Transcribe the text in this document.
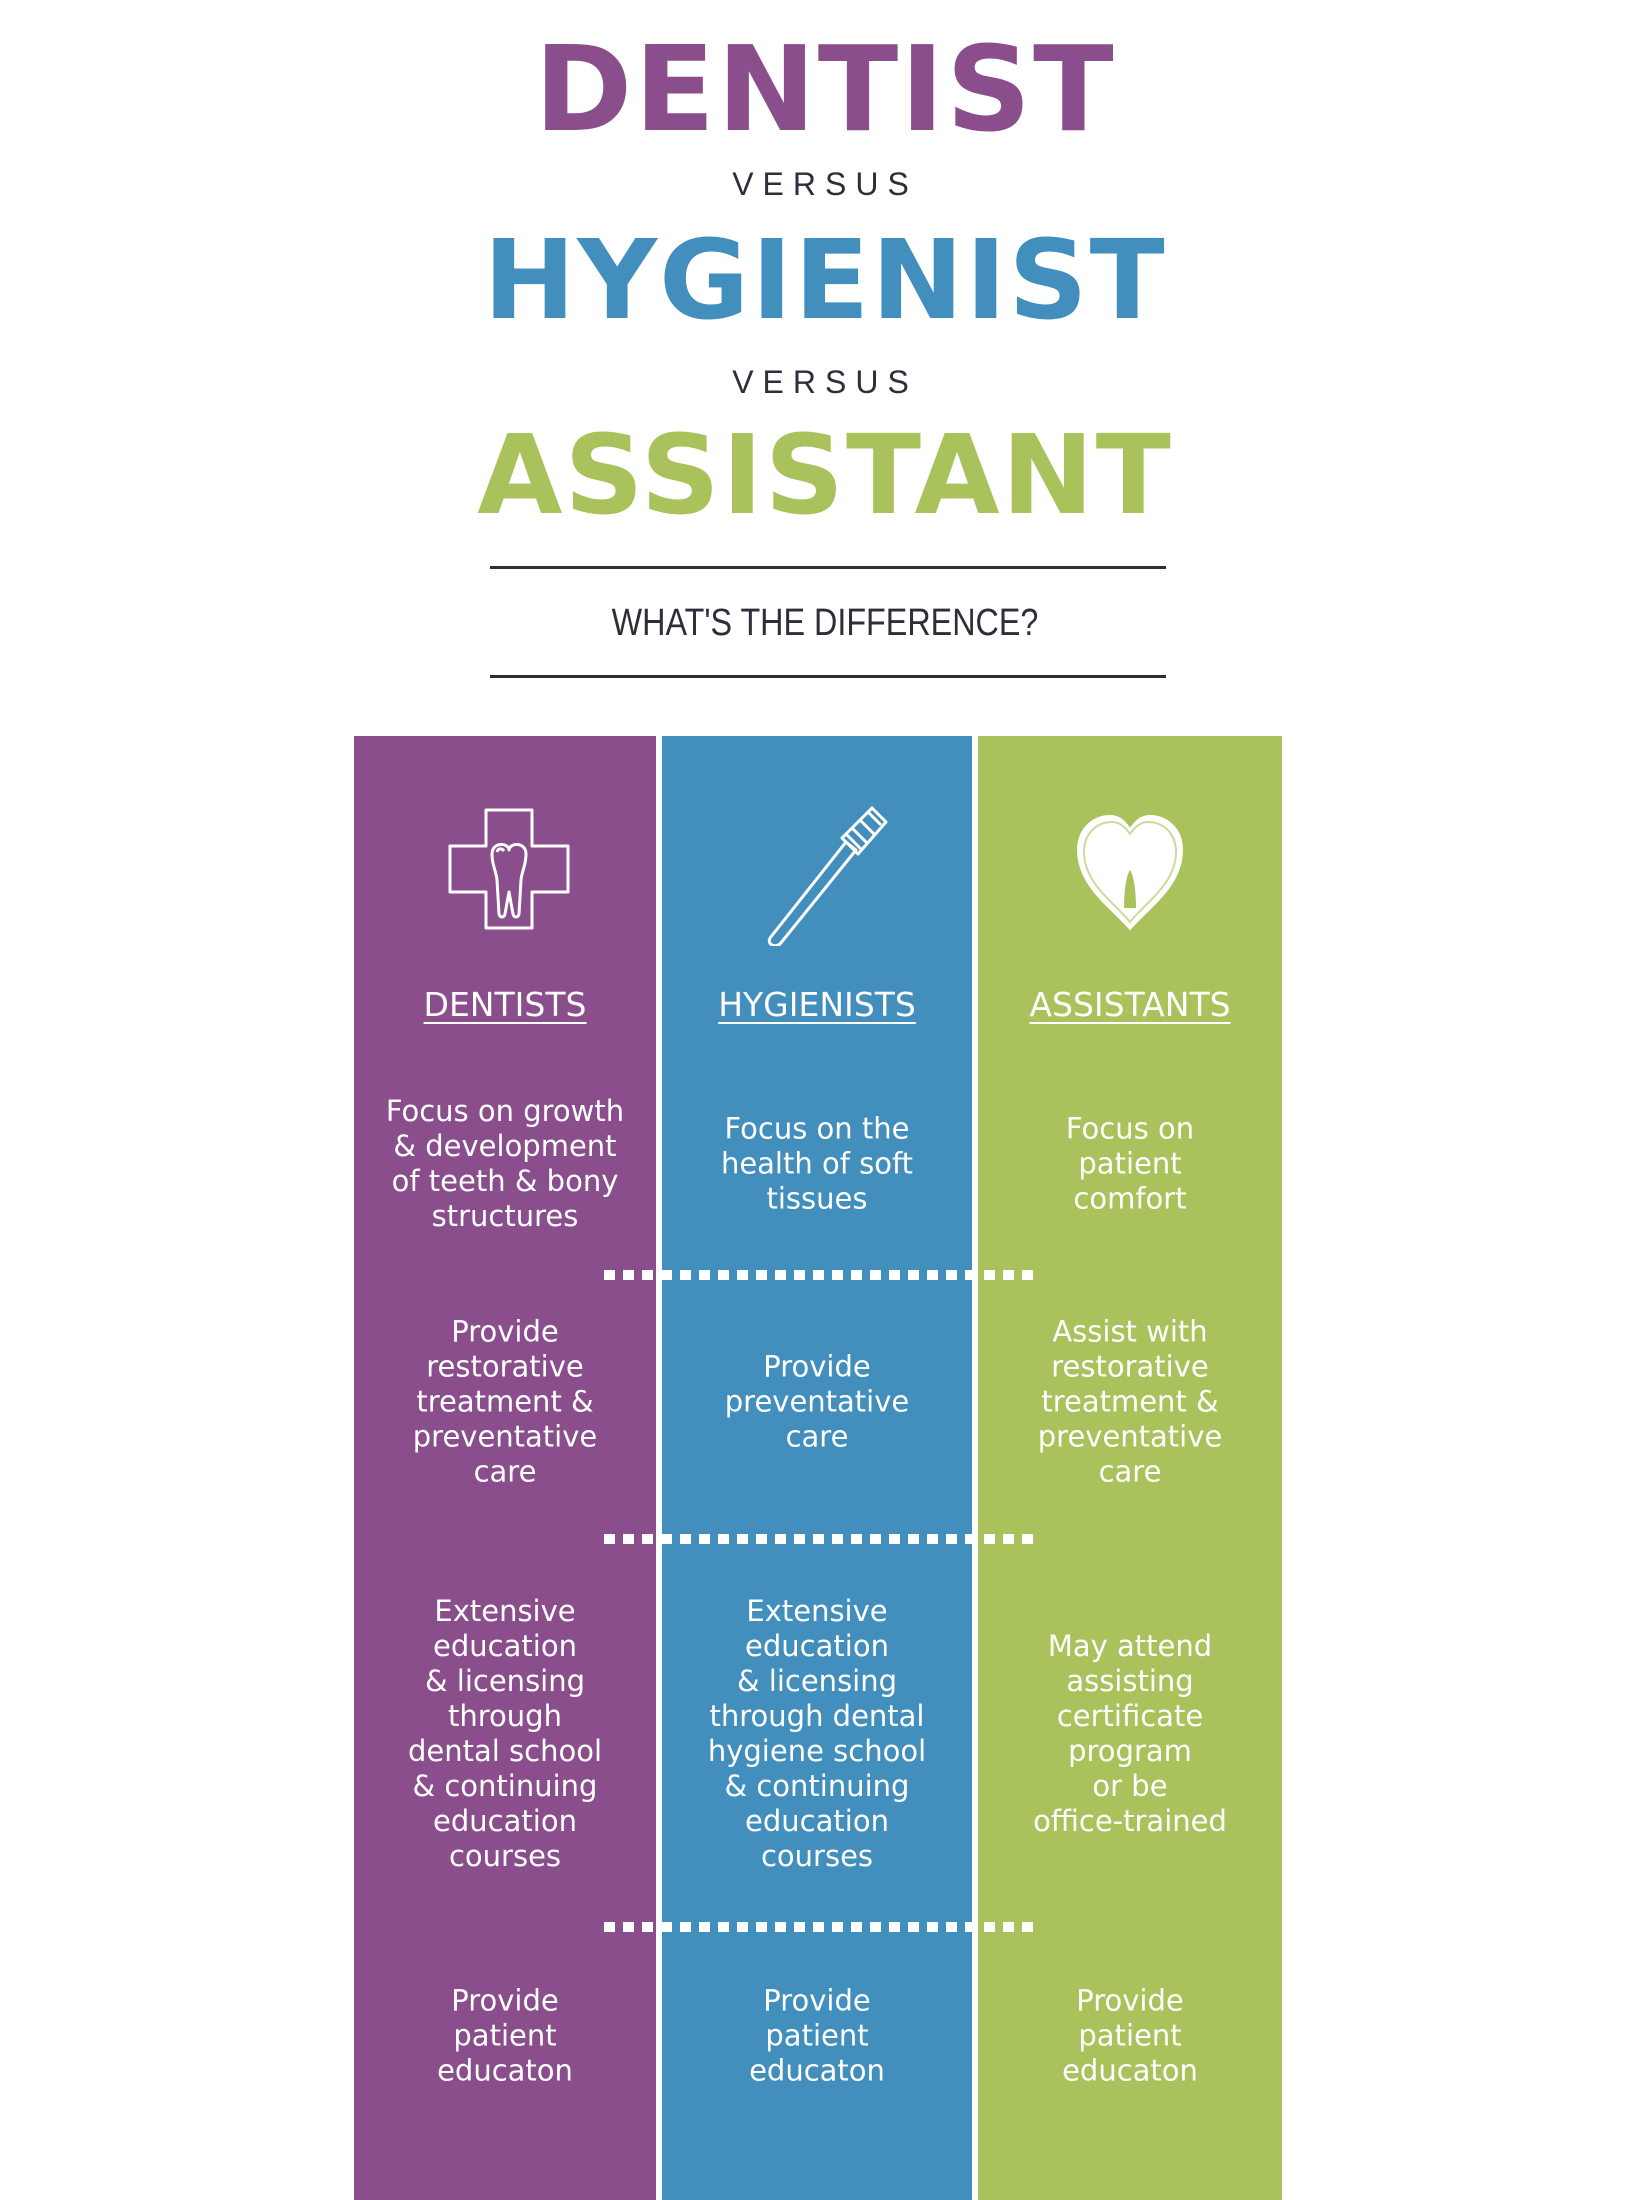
DENTIST
VERSUS
HYGIENIST
VERSUS
ASSISTANT
WHAT'S THE DIFFERENCE?
DENTISTS	HYGIENISTS	ASSISTANTS
Focus on growth
& development
of teeth & bony
structures
Focus on the
health of soft
tissues
Focus on
patient
comfort
Provide
restorative
treatment &
preventative
care
Provide
preventative
care
Assist with
restorative
treatment &
preventative
care
Extensive
education
& licensing
through
dental school
& continuing
education
courses
Extensive
education
& licensing
through dental
hygiene school
& continuing
education
courses
May attend
assisting
certificate
program
or be
office-trained
Provide
patient
educaton
Provide
patient
educaton
Provide
patient
educaton
